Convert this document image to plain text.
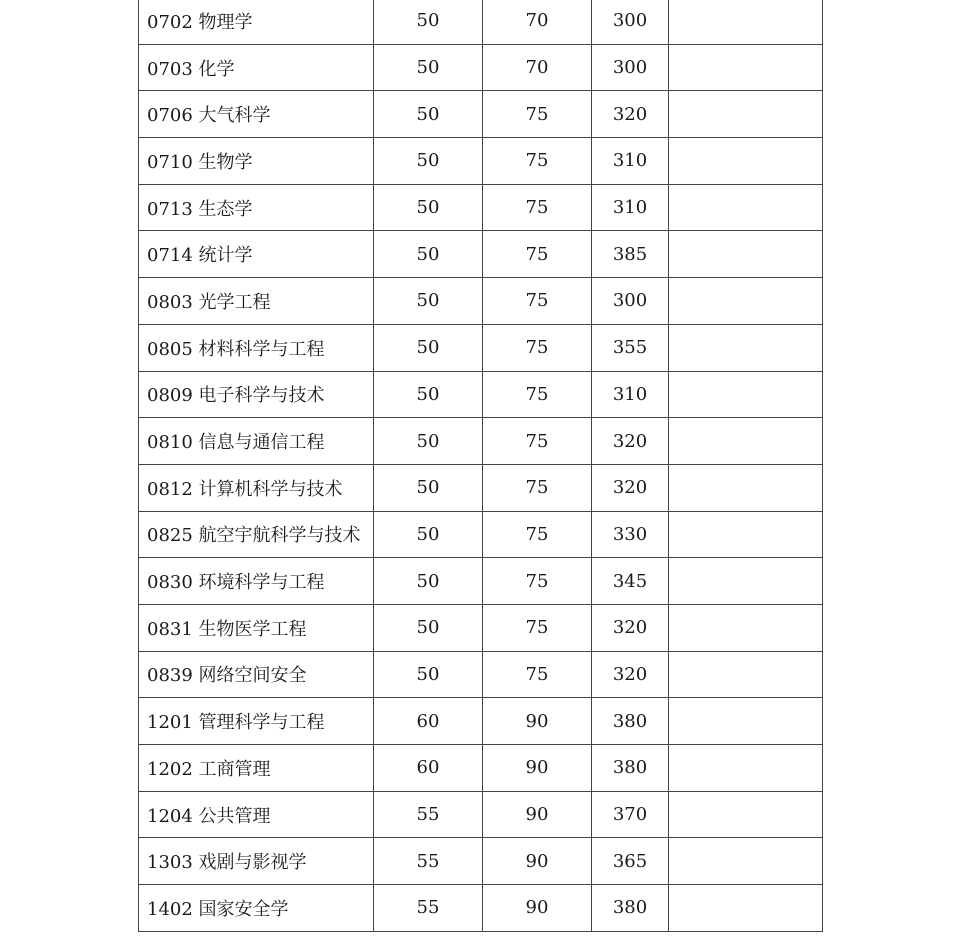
0702 物理学	50	70	300	
0703 化学	50	70	300	
0706 大气科学	50	75	320	
0710 生物学	50	75	310	
0713 生态学	50	75	310	
0714 统计学	50	75	385	
0803 光学工程	50	75	300	
0805 材料科学与工程	50	75	355	
0809 电子科学与技术	50	75	310	
0810 信息与通信工程	50	75	320	
0812 计算机科学与技术	50	75	320	
0825 航空宇航科学与技术	50	75	330	
0830 环境科学与工程	50	75	345	
0831 生物医学工程	50	75	320	
0839 网络空间安全	50	75	320	
1201 管理科学与工程	60	90	380	
1202 工商管理	60	90	380	
1204 公共管理	55	90	370	
1303 戏剧与影视学	55	90	365	
1402 国家安全学	55	90	380	
